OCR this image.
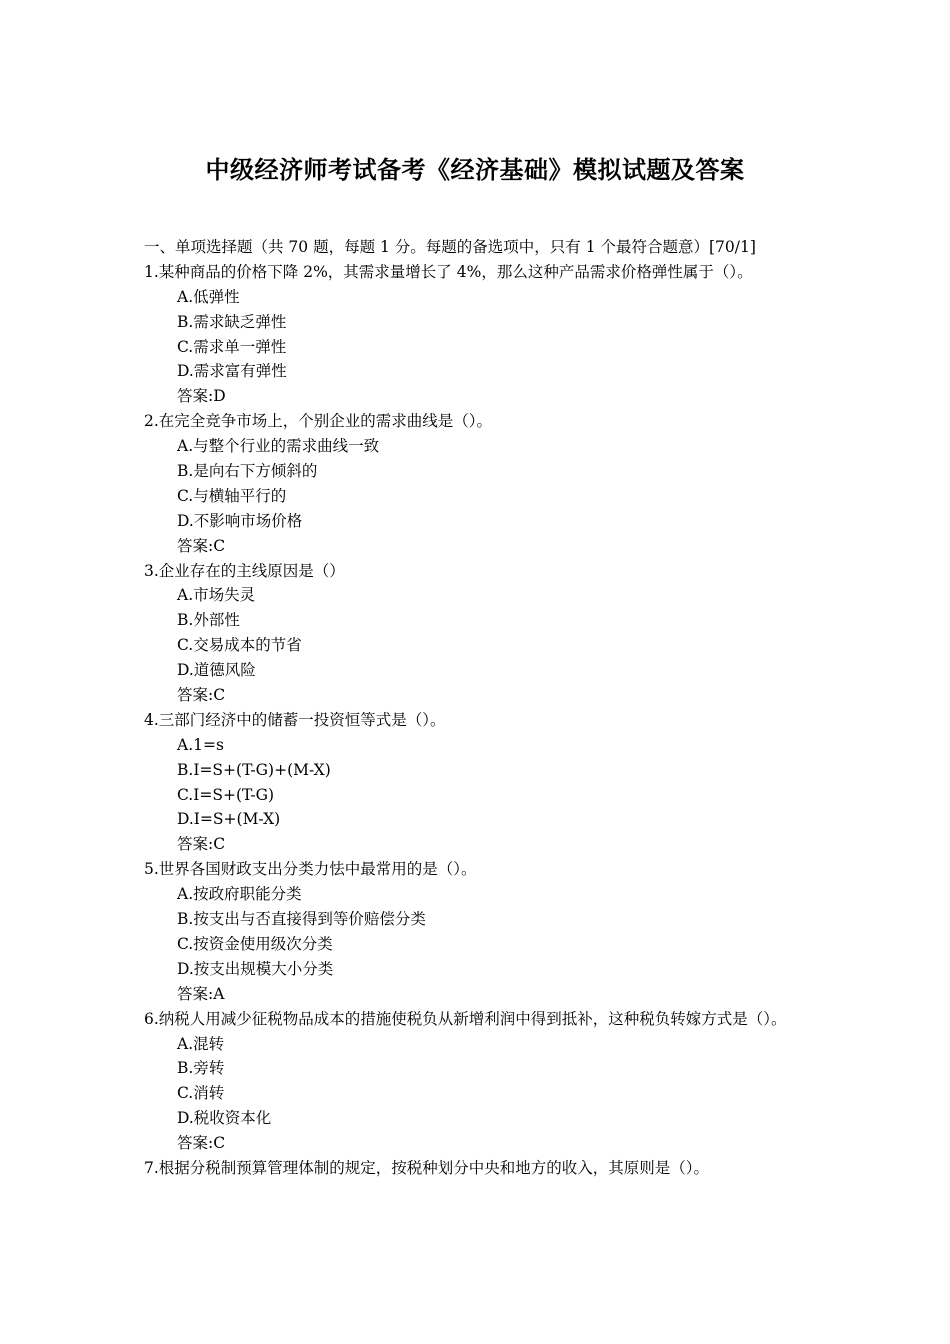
中级经济师考试备考《经济基础》模拟试题及答案
一、单项选择题（共 70 题，每题 1 分。每题的备选项中，只有 1 个最符合题意）[70/1]
1.某种商品的价格下降 2%，其需求量增长了 4%，那么这种产品需求价格弹性属于（）。
A.低弹性
B.需求缺乏弹性
C.需求单一弹性
D.需求富有弹性
答案:D
2.在完全竞争市场上，个别企业的需求曲线是（）。
A.与整个行业的需求曲线一致
B.是向右下方倾斜的
C.与横轴平行的
D.不影响市场价格
答案:C
3.企业存在的主线原因是（）
A.市场失灵
B.外部性
C.交易成本的节省
D.道德风险
答案:C
4.三部门经济中的储蓄一投资恒等式是（）。
A.1=s
B.I=S+(T-G)+(M-X)
C.I=S+(T-G)
D.I=S+(M-X)
答案:C
5.世界各国财政支出分类力怯中最常用的是（）。
A.按政府职能分类
B.按支出与否直接得到等价赔偿分类
C.按资金使用级次分类
D.按支出规模大小分类
答案:A
6.纳税人用减少征税物品成本的措施使税负从新增利润中得到抵补，这种税负转嫁方式是（）。
A.混转
B.旁转
C.消转
D.税收资本化
答案:C
7.根据分税制预算管理体制的规定，按税种划分中央和地方的收入，其原则是（）。
